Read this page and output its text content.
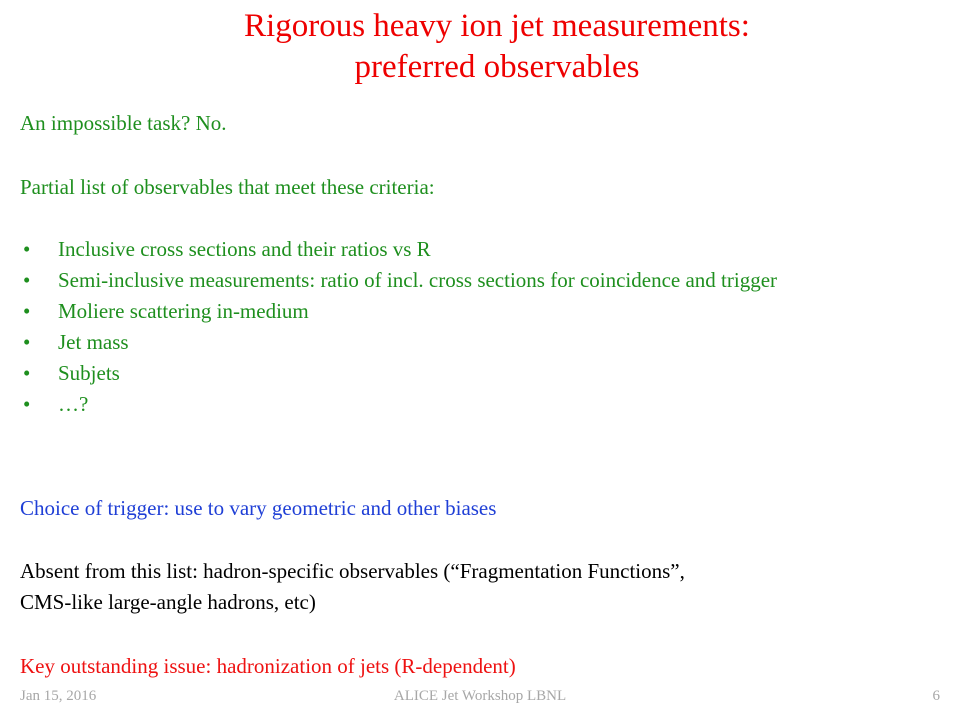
Rigorous heavy ion jet measurements:
preferred observables
An impossible task? No.
Partial list of observables that meet these criteria:
• Inclusive cross sections and their ratios vs R
• Semi-inclusive measurements: ratio of incl. cross sections for coincidence and trigger
• Moliere scattering in-medium
• Jet mass
• Subjets
• …?
Choice of trigger: use to vary geometric and other biases
Absent from this list: hadron-specific observables (“Fragmentation Functions”,
CMS-like large-angle hadrons, etc)
Key outstanding issue: hadronization of jets (R-dependent)
Jan 15, 2016	ALICE Jet Workshop LBNL	6
